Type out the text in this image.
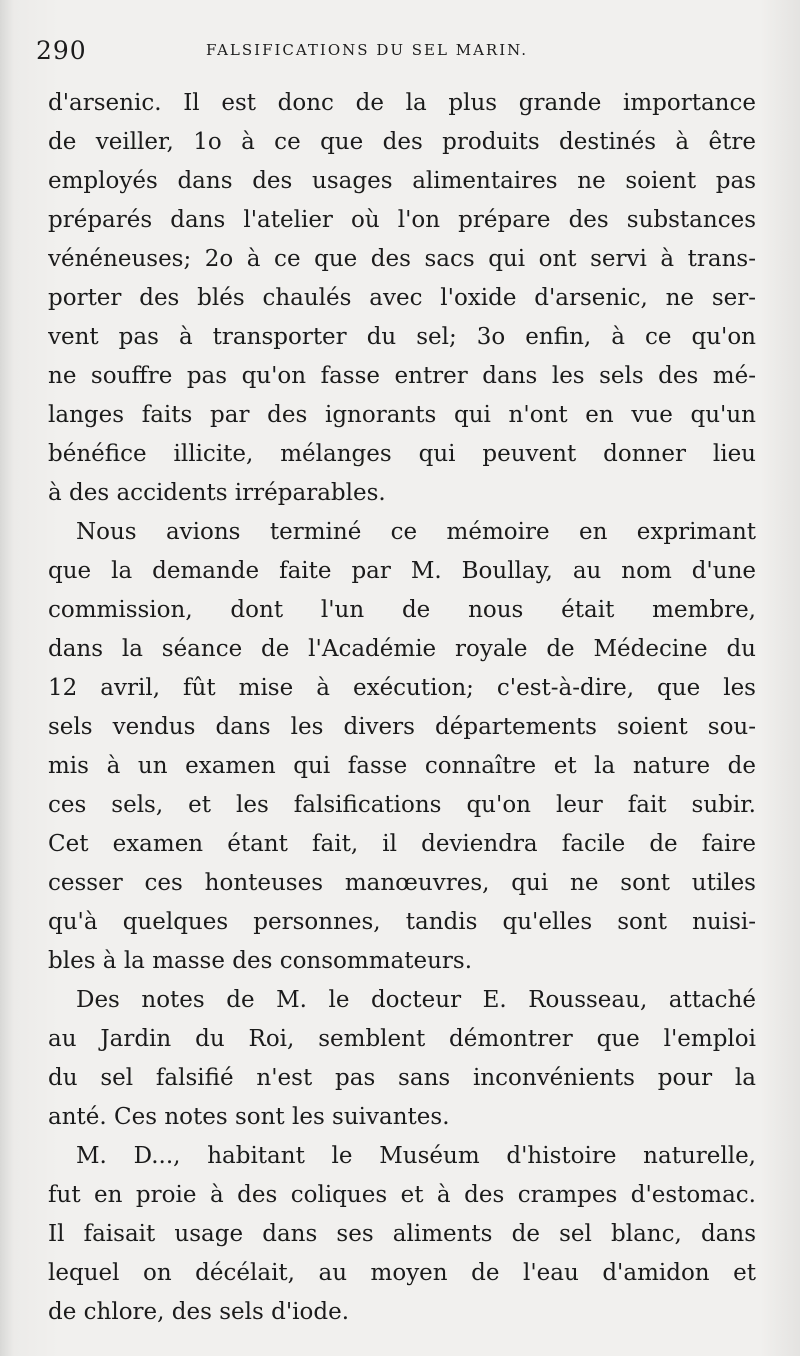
290	FALSIFICATIONS DU SEL MARIN.
d'arsenic. Il est donc de la plus grande importance
de veiller, 1o à ce que des produits destinés à être
employés dans des usages alimentaires ne soient pas
préparés dans l'atelier où l'on prépare des substances
vénéneuses; 2o à ce que des sacs qui ont servi à trans-
porter des blés chaulés avec l'oxide d'arsenic, ne ser-
vent pas à transporter du sel; 3o enfin, à ce qu'on
ne souffre pas qu'on fasse entrer dans les sels des mé-
langes faits par des ignorants qui n'ont en vue qu'un
bénéfice illicite, mélanges qui peuvent donner lieu
à des accidents irréparables.
Nous avions terminé ce mémoire en exprimant
que la demande faite par M. Boullay, au nom d'une
commission, dont l'un de nous était membre,
dans la séance de l'Académie royale de Médecine du
12 avril, fût mise à exécution; c'est-à-dire, que les
sels vendus dans les divers départements soient sou-
mis à un examen qui fasse connaître et la nature de
ces sels, et les falsifications qu'on leur fait subir.
Cet examen étant fait, il deviendra facile de faire
cesser ces honteuses manœuvres, qui ne sont utiles
qu'à quelques personnes, tandis qu'elles sont nuisi-
bles à la masse des consommateurs.
Des notes de M. le docteur E. Rousseau, attaché
au Jardin du Roi, semblent démontrer que l'emploi
du sel falsifié n'est pas sans inconvénients pour la
anté. Ces notes sont les suivantes.
M. D..., habitant le Muséum d'histoire naturelle,
fut en proie à des coliques et à des crampes d'estomac.
Il faisait usage dans ses aliments de sel blanc, dans
lequel on décélait, au moyen de l'eau d'amidon et
de chlore, des sels d'iode.
